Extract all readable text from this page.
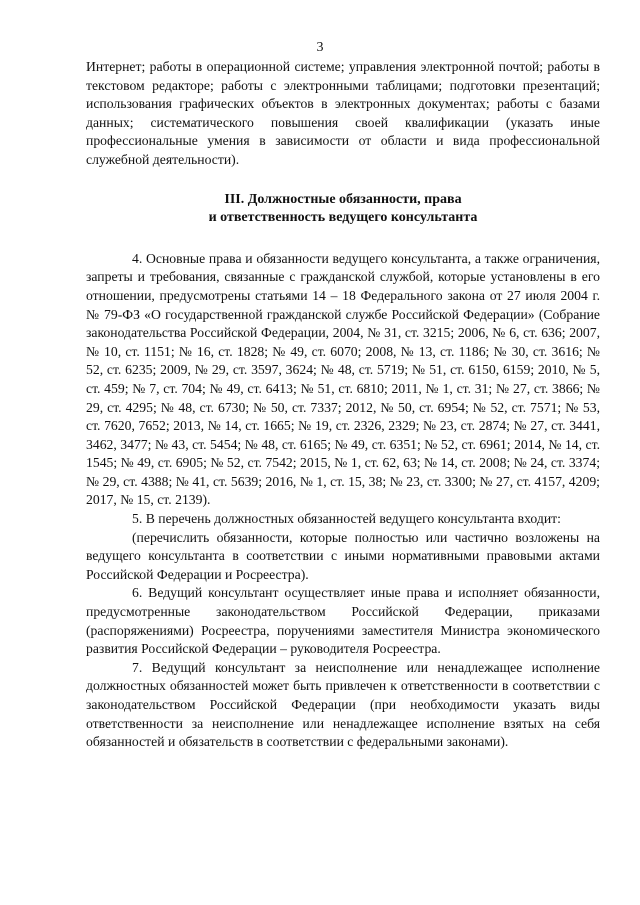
3

Интернет; работы в операционной системе; управления электронной почтой; работы в текстовом редакторе; работы с электронными таблицами; подготовки презентаций; использования графических объектов в электронных документах; работы с базами данных; систематического повышения своей квалификации (указать иные профессиональные умения в зависимости от области и вида профессиональной служебной деятельности).

III. Должностные обязанности, права
и ответственность ведущего консультанта

4. Основные права и обязанности ведущего консультанта, а также ограничения, запреты и требования, связанные с гражданской службой, которые установлены в его отношении, предусмотрены статьями 14 – 18 Федерального закона от 27 июля 2004 г. № 79-ФЗ «О государственной гражданской службе Российской Федерации» (Собрание законодательства Российской Федерации, 2004, № 31, ст. 3215; 2006, № 6, ст. 636; 2007, № 10, ст. 1151; № 16, ст. 1828; № 49, ст. 6070; 2008, № 13, ст. 1186; № 30, ст. 3616; № 52, ст. 6235; 2009, № 29, ст. 3597, 3624; № 48, ст. 5719; № 51, ст. 6150, 6159; 2010, № 5, ст. 459; № 7, ст. 704; № 49, ст. 6413; № 51, ст. 6810; 2011, № 1, ст. 31; № 27, ст. 3866; № 29, ст. 4295; № 48, ст. 6730; № 50, ст. 7337; 2012, № 50, ст. 6954; № 52, ст. 7571; № 53, ст. 7620, 7652; 2013, № 14, ст. 1665; № 19, ст. 2326, 2329; № 23, ст. 2874; № 27, ст. 3441, 3462, 3477; № 43, ст. 5454; № 48, ст. 6165; № 49, ст. 6351; № 52, ст. 6961; 2014, № 14, ст. 1545; № 49, ст. 6905; № 52, ст. 7542; 2015, № 1, ст. 62, 63; № 14, ст. 2008; № 24, ст. 3374; № 29, ст. 4388; № 41, ст. 5639; 2016, № 1, ст. 15, 38; № 23, ст. 3300; № 27, ст. 4157, 4209; 2017, № 15, ст. 2139).

5. В перечень должностных обязанностей ведущего консультанта входит:

(перечислить обязанности, которые полностью или частично возложены на ведущего консультанта в соответствии с иными нормативными правовыми актами Российской Федерации и Росреестра).

6. Ведущий консультант осуществляет иные права и исполняет обязанности, предусмотренные законодательством Российской Федерации, приказами (распоряжениями) Росреестра, поручениями заместителя Министра экономического развития Российской Федерации – руководителя Росреестра.

7. Ведущий консультант за неисполнение или ненадлежащее исполнение должностных обязанностей может быть привлечен к ответственности в соответствии с законодательством Российской Федерации (при необходимости указать виды ответственности за неисполнение или ненадлежащее исполнение взятых на себя обязанностей и обязательств в соответствии с федеральными законами).
